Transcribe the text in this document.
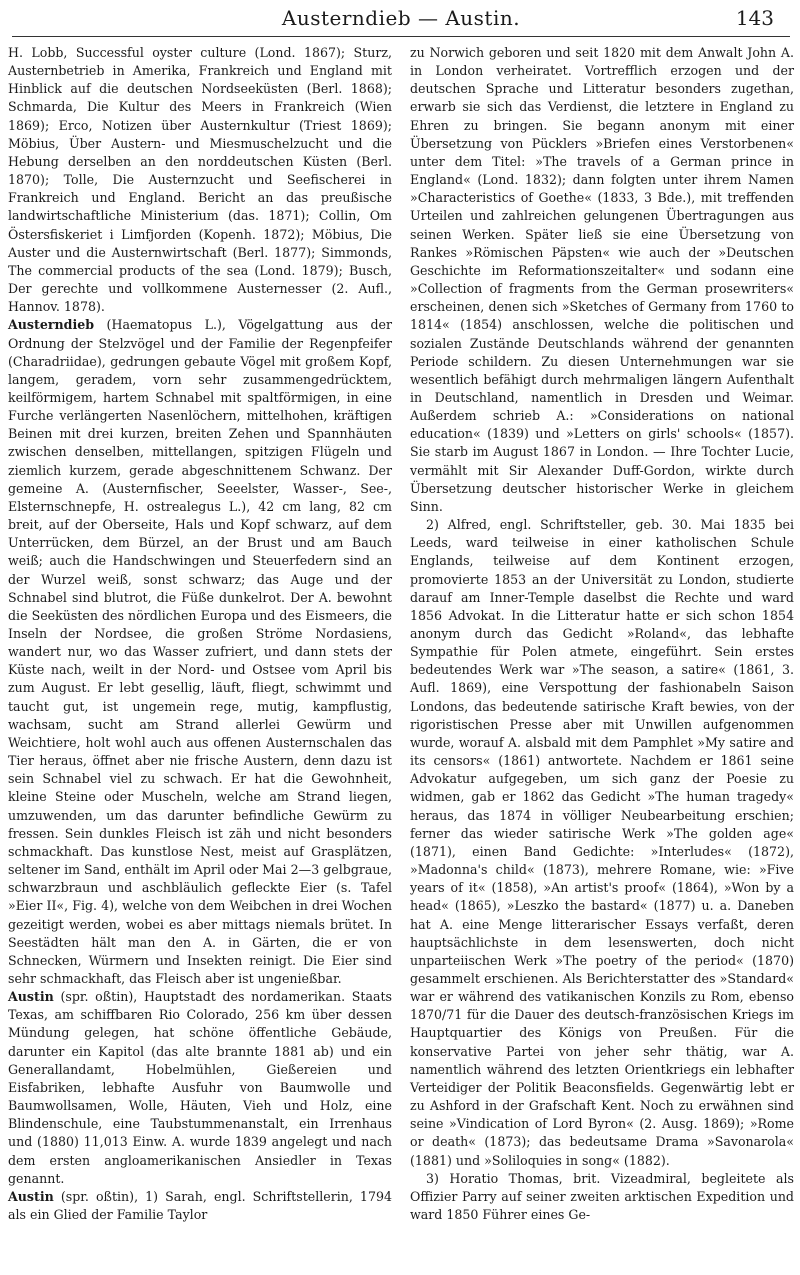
Austerndieb — Austin.	143

H. Lobb, Successful oyster culture (Lond. 1867); Sturz, Austernbetrieb in Amerika, Frankreich und England mit Hinblick auf die deutschen Nordseeküsten (Berl. 1868); Schmarda, Die Kultur des Meers in Frankreich (Wien 1869); Erco, Notizen über Austernkultur (Triest 1869); Möbius, Über Austern- und Miesmuschelzucht und die Hebung derselben an den norddeutschen Küsten (Berl. 1870); Tolle, Die Austernzucht und Seefischerei in Frankreich und England. Bericht an das preußische landwirtschaftliche Ministerium (das. 1871); Collin, Om Östersfiskeriet i Limfjorden (Kopenh. 1872); Möbius, Die Auster und die Austernwirtschaft (Berl. 1877); Simmonds, The commercial products of the sea (Lond. 1879); Busch, Der gerechte und vollkommene Austernesser (2. Aufl., Hannov. 1878).

Austerndieb (Haematopus L.), Vögelgattung aus der Ordnung der Stelzvögel und der Familie der Regenpfeifer (Charadriidae), gedrungen gebaute Vögel mit großem Kopf, langem, geradem, vorn sehr zusammengedrücktem, keilförmigem, hartem Schnabel mit spaltförmigen, in eine Furche verlängerten Nasenlöchern, mittelhohen, kräftigen Beinen mit drei kurzen, breiten Zehen und Spannhäuten zwischen denselben, mittellangen, spitzigen Flügeln und ziemlich kurzem, gerade abgeschnittenem Schwanz. Der gemeine A. (Austernfischer, Seeelster, Wasser-, See-, Elsternschnepfe, H. ostrealegus L.), 42 cm lang, 82 cm breit, auf der Oberseite, Hals und Kopf schwarz, auf dem Unterrücken, dem Bürzel, an der Brust und am Bauch weiß; auch die Handschwingen und Steuerfedern sind an der Wurzel weiß, sonst schwarz; das Auge und der Schnabel sind blutrot, die Füße dunkelrot. Der A. bewohnt die Seeküsten des nördlichen Europa und des Eismeers, die Inseln der Nordsee, die großen Ströme Nordasiens, wandert nur, wo das Wasser zufriert, und dann stets der Küste nach, weilt in der Nord- und Ostsee vom April bis zum August. Er lebt gesellig, läuft, fliegt, schwimmt und taucht gut, ist ungemein rege, mutig, kampflustig, wachsam, sucht am Strand allerlei Gewürm und Weichtiere, holt wohl auch aus offenen Austernschalen das Tier heraus, öffnet aber nie frische Austern, denn dazu ist sein Schnabel viel zu schwach. Er hat die Gewohnheit, kleine Steine oder Muscheln, welche am Strand liegen, umzuwenden, um das darunter befindliche Gewürm zu fressen. Sein dunkles Fleisch ist zäh und nicht besonders schmackhaft. Das kunstlose Nest, meist auf Grasplätzen, seltener im Sand, enthält im April oder Mai 2—3 gelbgraue, schwarzbraun und aschbläulich gefleckte Eier (s. Tafel »Eier II«, Fig. 4), welche von dem Weibchen in drei Wochen gezeitigt werden, wobei es aber mittags niemals brütet. In Seestädten hält man den A. in Gärten, die er von Schnecken, Würmern und Insekten reinigt. Die Eier sind sehr schmackhaft, das Fleisch aber ist ungenießbar.

Austin (spr. oßtin), Hauptstadt des nordamerikan. Staats Texas, am schiffbaren Rio Colorado, 256 km über dessen Mündung gelegen, hat schöne öffentliche Gebäude, darunter ein Kapitol (das alte brannte 1881 ab) und ein Generallandamt, Hobelmühlen, Gießereien und Eisfabriken, lebhafte Ausfuhr von Baumwolle und Baumwollsamen, Wolle, Häuten, Vieh und Holz, eine Blindenschule, eine Taubstummenanstalt, ein Irrenhaus und (1880) 11,013 Einw. A. wurde 1839 angelegt und nach dem ersten angloamerikanischen Ansiedler in Texas genannt.

Austin (spr. oßtin), 1) Sarah, engl. Schriftstellerin, 1794 als ein Glied der Familie Taylor

zu Norwich geboren und seit 1820 mit dem Anwalt John A. in London verheiratet. Vortrefflich erzogen und der deutschen Sprache und Litteratur besonders zugethan, erwarb sie sich das Verdienst, die letztere in England zu Ehren zu bringen. Sie begann anonym mit einer Übersetzung von Pücklers »Briefen eines Verstorbenen« unter dem Titel: »The travels of a German prince in England« (Lond. 1832); dann folgten unter ihrem Namen »Characteristics of Goethe« (1833, 3 Bde.), mit treffenden Urteilen und zahlreichen gelungenen Übertragungen aus seinen Werken. Später ließ sie eine Übersetzung von Rankes »Römischen Päpsten« wie auch der »Deutschen Geschichte im Reformationszeitalter« und sodann eine »Collection of fragments from the German prosewriters« erscheinen, denen sich »Sketches of Germany from 1760 to 1814« (1854) anschlossen, welche die politischen und sozialen Zustände Deutschlands während der genannten Periode schildern. Zu diesen Unternehmungen war sie wesentlich befähigt durch mehrmaligen längern Aufenthalt in Deutschland, namentlich in Dresden und Weimar. Außerdem schrieb A.: »Considerations on national education« (1839) und »Letters on girls' schools« (1857). Sie starb im August 1867 in London. — Ihre Tochter Lucie, vermählt mit Sir Alexander Duff-Gordon, wirkte durch Übersetzung deutscher historischer Werke in gleichem Sinn.

2) Alfred, engl. Schriftsteller, geb. 30. Mai 1835 bei Leeds, ward teilweise in einer katholischen Schule Englands, teilweise auf dem Kontinent erzogen, promovierte 1853 an der Universität zu London, studierte darauf am Inner-Temple daselbst die Rechte und ward 1856 Advokat. In die Litteratur hatte er sich schon 1854 anonym durch das Gedicht »Roland«, das lebhafte Sympathie für Polen atmete, eingeführt. Sein erstes bedeutendes Werk war »The season, a satire« (1861, 3. Aufl. 1869), eine Verspottung der fashionabeln Saison Londons, das bedeutende satirische Kraft bewies, von der rigoristischen Presse aber mit Unwillen aufgenommen wurde, worauf A. alsbald mit dem Pamphlet »My satire and its censors« (1861) antwortete. Nachdem er 1861 seine Advokatur aufgegeben, um sich ganz der Poesie zu widmen, gab er 1862 das Gedicht »The human tragedy« heraus, das 1874 in völliger Neubearbeitung erschien; ferner das wieder satirische Werk »The golden age« (1871), einen Band Gedichte: »Interludes« (1872), »Madonna's child« (1873), mehrere Romane, wie: »Five years of it« (1858), »An artist's proof« (1864), »Won by a head« (1865), »Leszko the bastard« (1877) u. a. Daneben hat A. eine Menge litterarischer Essays verfaßt, deren hauptsächlichste in dem lesenswerten, doch nicht unparteiischen Werk »The poetry of the period« (1870) gesammelt erschienen. Als Berichterstatter des »Standard« war er während des vatikanischen Konzils zu Rom, ebenso 1870/71 für die Dauer des deutsch-französischen Kriegs im Hauptquartier des Königs von Preußen. Für die konservative Partei von jeher sehr thätig, war A. namentlich während des letzten Orientkriegs ein lebhafter Verteidiger der Politik Beaconsfields. Gegenwärtig lebt er zu Ashford in der Grafschaft Kent. Noch zu erwähnen sind seine »Vindication of Lord Byron« (2. Ausg. 1869); »Rome or death« (1873); das bedeutsame Drama »Savonarola« (1881) und »Soliloquies in song« (1882).

3) Horatio Thomas, brit. Vizeadmiral, begleitete als Offizier Parry auf seiner zweiten arktischen Expedition und ward 1850 Führer eines Ge-
